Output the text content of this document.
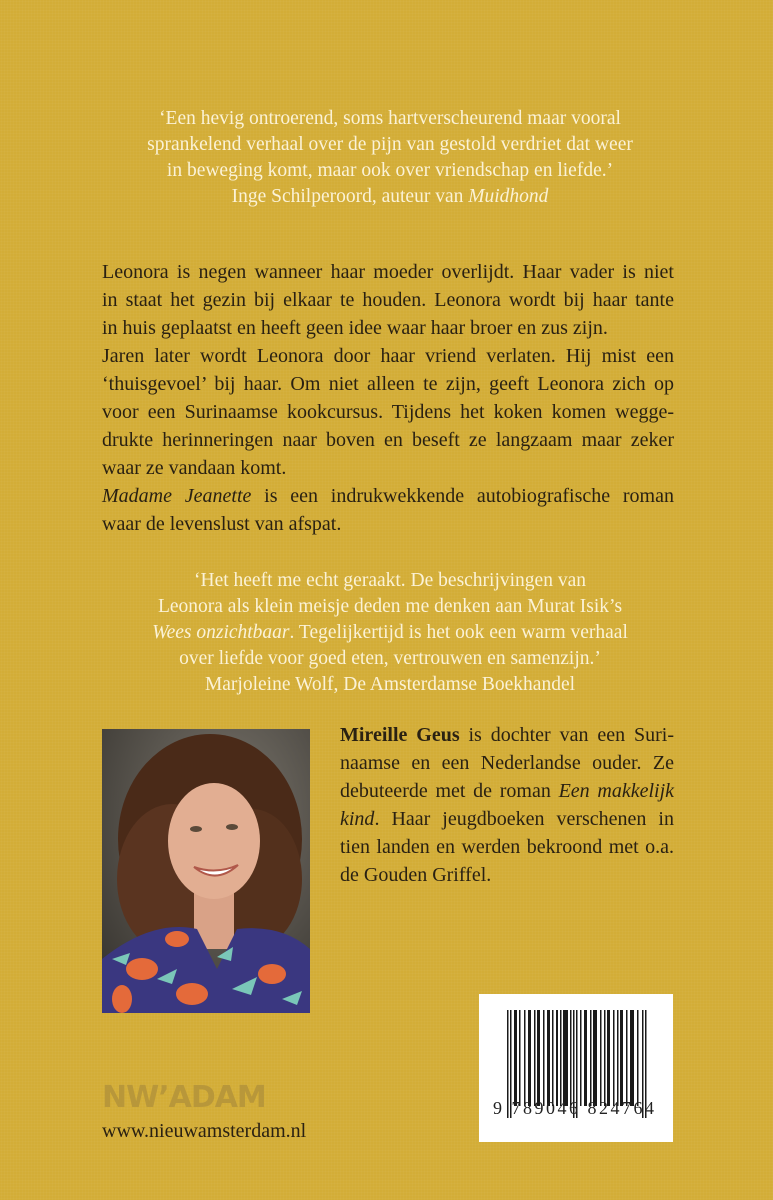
‘Een hevig ontroerend, soms hartverscheurend maar vooral
sprankelend verhaal over de pijn van gestold verdriet dat weer
in beweging komt, maar ook over vriendschap en liefde.’
Inge Schilperoord, auteur van Muidhond
Leonora is negen wanneer haar moeder overlijdt. Haar vader is niet
in staat het gezin bij elkaar te houden. Leonora wordt bij haar tante
in huis geplaatst en heeft geen idee waar haar broer en zus zijn.
Jaren later wordt Leonora door haar vriend verlaten. Hij mist een
‘thuisgevoel’ bij haar. Om niet alleen te zijn, geeft Leonora zich op
voor een Surinaamse kookcursus. Tijdens het koken komen wegge-
drukte herinneringen naar boven en beseft ze langzaam maar zeker
waar ze vandaan komt.
Madame Jeanette is een indrukwekkende autobiografische roman
waar de levenslust van afspat.
‘Het heeft me echt geraakt. De beschrijvingen van
Leonora als klein meisje deden me denken aan Murat Isik’s
Wees onzichtbaar. Tegelijkertijd is het ook een warm verhaal
over liefde voor goed eten, vertrouwen en samenzijn.’
Marjoleine Wolf, De Amsterdamse Boekhandel
Mireille Geus is dochter van een Suri-
naamse en een Nederlandse ouder. Ze
debuteerde met de roman Een makkelijk
kind. Haar jeugdboeken verschenen in
tien landen en werden bekroond met o.a.
de Gouden Griffel.
9 789046 824764
NW’ADAM
www.nieuwamsterdam.nl
